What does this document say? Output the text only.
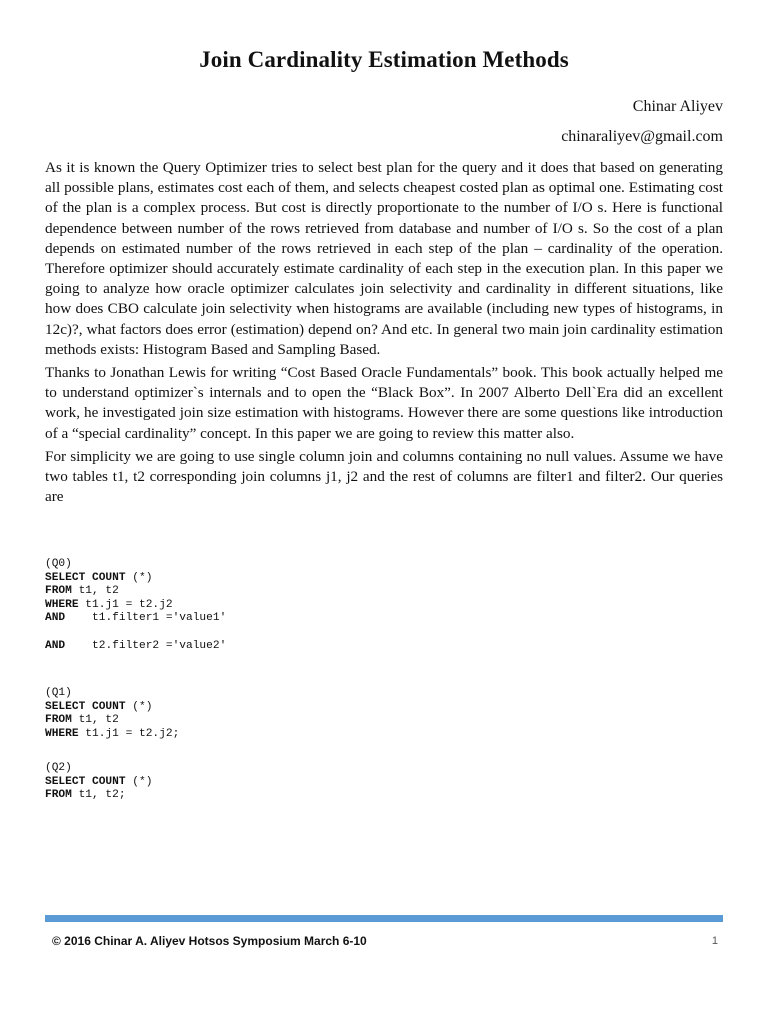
Join Cardinality Estimation Methods
Chinar Aliyev
chinaraliyev@gmail.com

As it is known the Query Optimizer tries to select best plan for the query and it does that based on generating all possible plans, estimates cost each of them, and selects cheapest costed plan as optimal one. Estimating cost of the plan is a complex process. But cost is directly proportionate to the number of I/O s. Here is functional dependence between number of the rows retrieved from database and number of I/O s. So the cost of a plan depends on estimated number of the rows retrieved in each step of the plan – cardinality of the operation. Therefore optimizer should accurately estimate cardinality of each step in the execution plan. In this paper we going to analyze how oracle optimizer calculates join selectivity and cardinality in different situations, like how does CBO calculate join selectivity when histograms are available (including new types of histograms, in 12c)?, what factors does error (estimation) depend on? And etc. In general two main join cardinality estimation methods exists: Histogram Based and Sampling Based.

Thanks to Jonathan Lewis for writing “Cost Based Oracle Fundamentals” book. This book actually helped me to understand optimizer`s internals and to open the “Black Box”. In 2007 Alberto Dell`Era did an excellent work, he investigated join size estimation with histograms. However there are some questions like introduction of a “special cardinality” concept. In this paper we are going to review this matter also.

For simplicity we are going to use single column join and columns containing no null values. Assume we have two tables t1, t2 corresponding join columns j1, j2 and the rest of columns are filter1 and filter2. Our queries are

(Q0)
SELECT COUNT (*)
FROM t1, t2
WHERE t1.j1 = t2.j2
AND    t1.filter1 ='value1'
AND    t2.filter2 ='value2'
(Q1)
SELECT COUNT (*)
FROM t1, t2
WHERE t1.j1 = t2.j2;
(Q2)
SELECT COUNT (*)
FROM t1, t2;
© 2016 Chinar A. Aliyev Hotsos Symposium March 6-10	1
